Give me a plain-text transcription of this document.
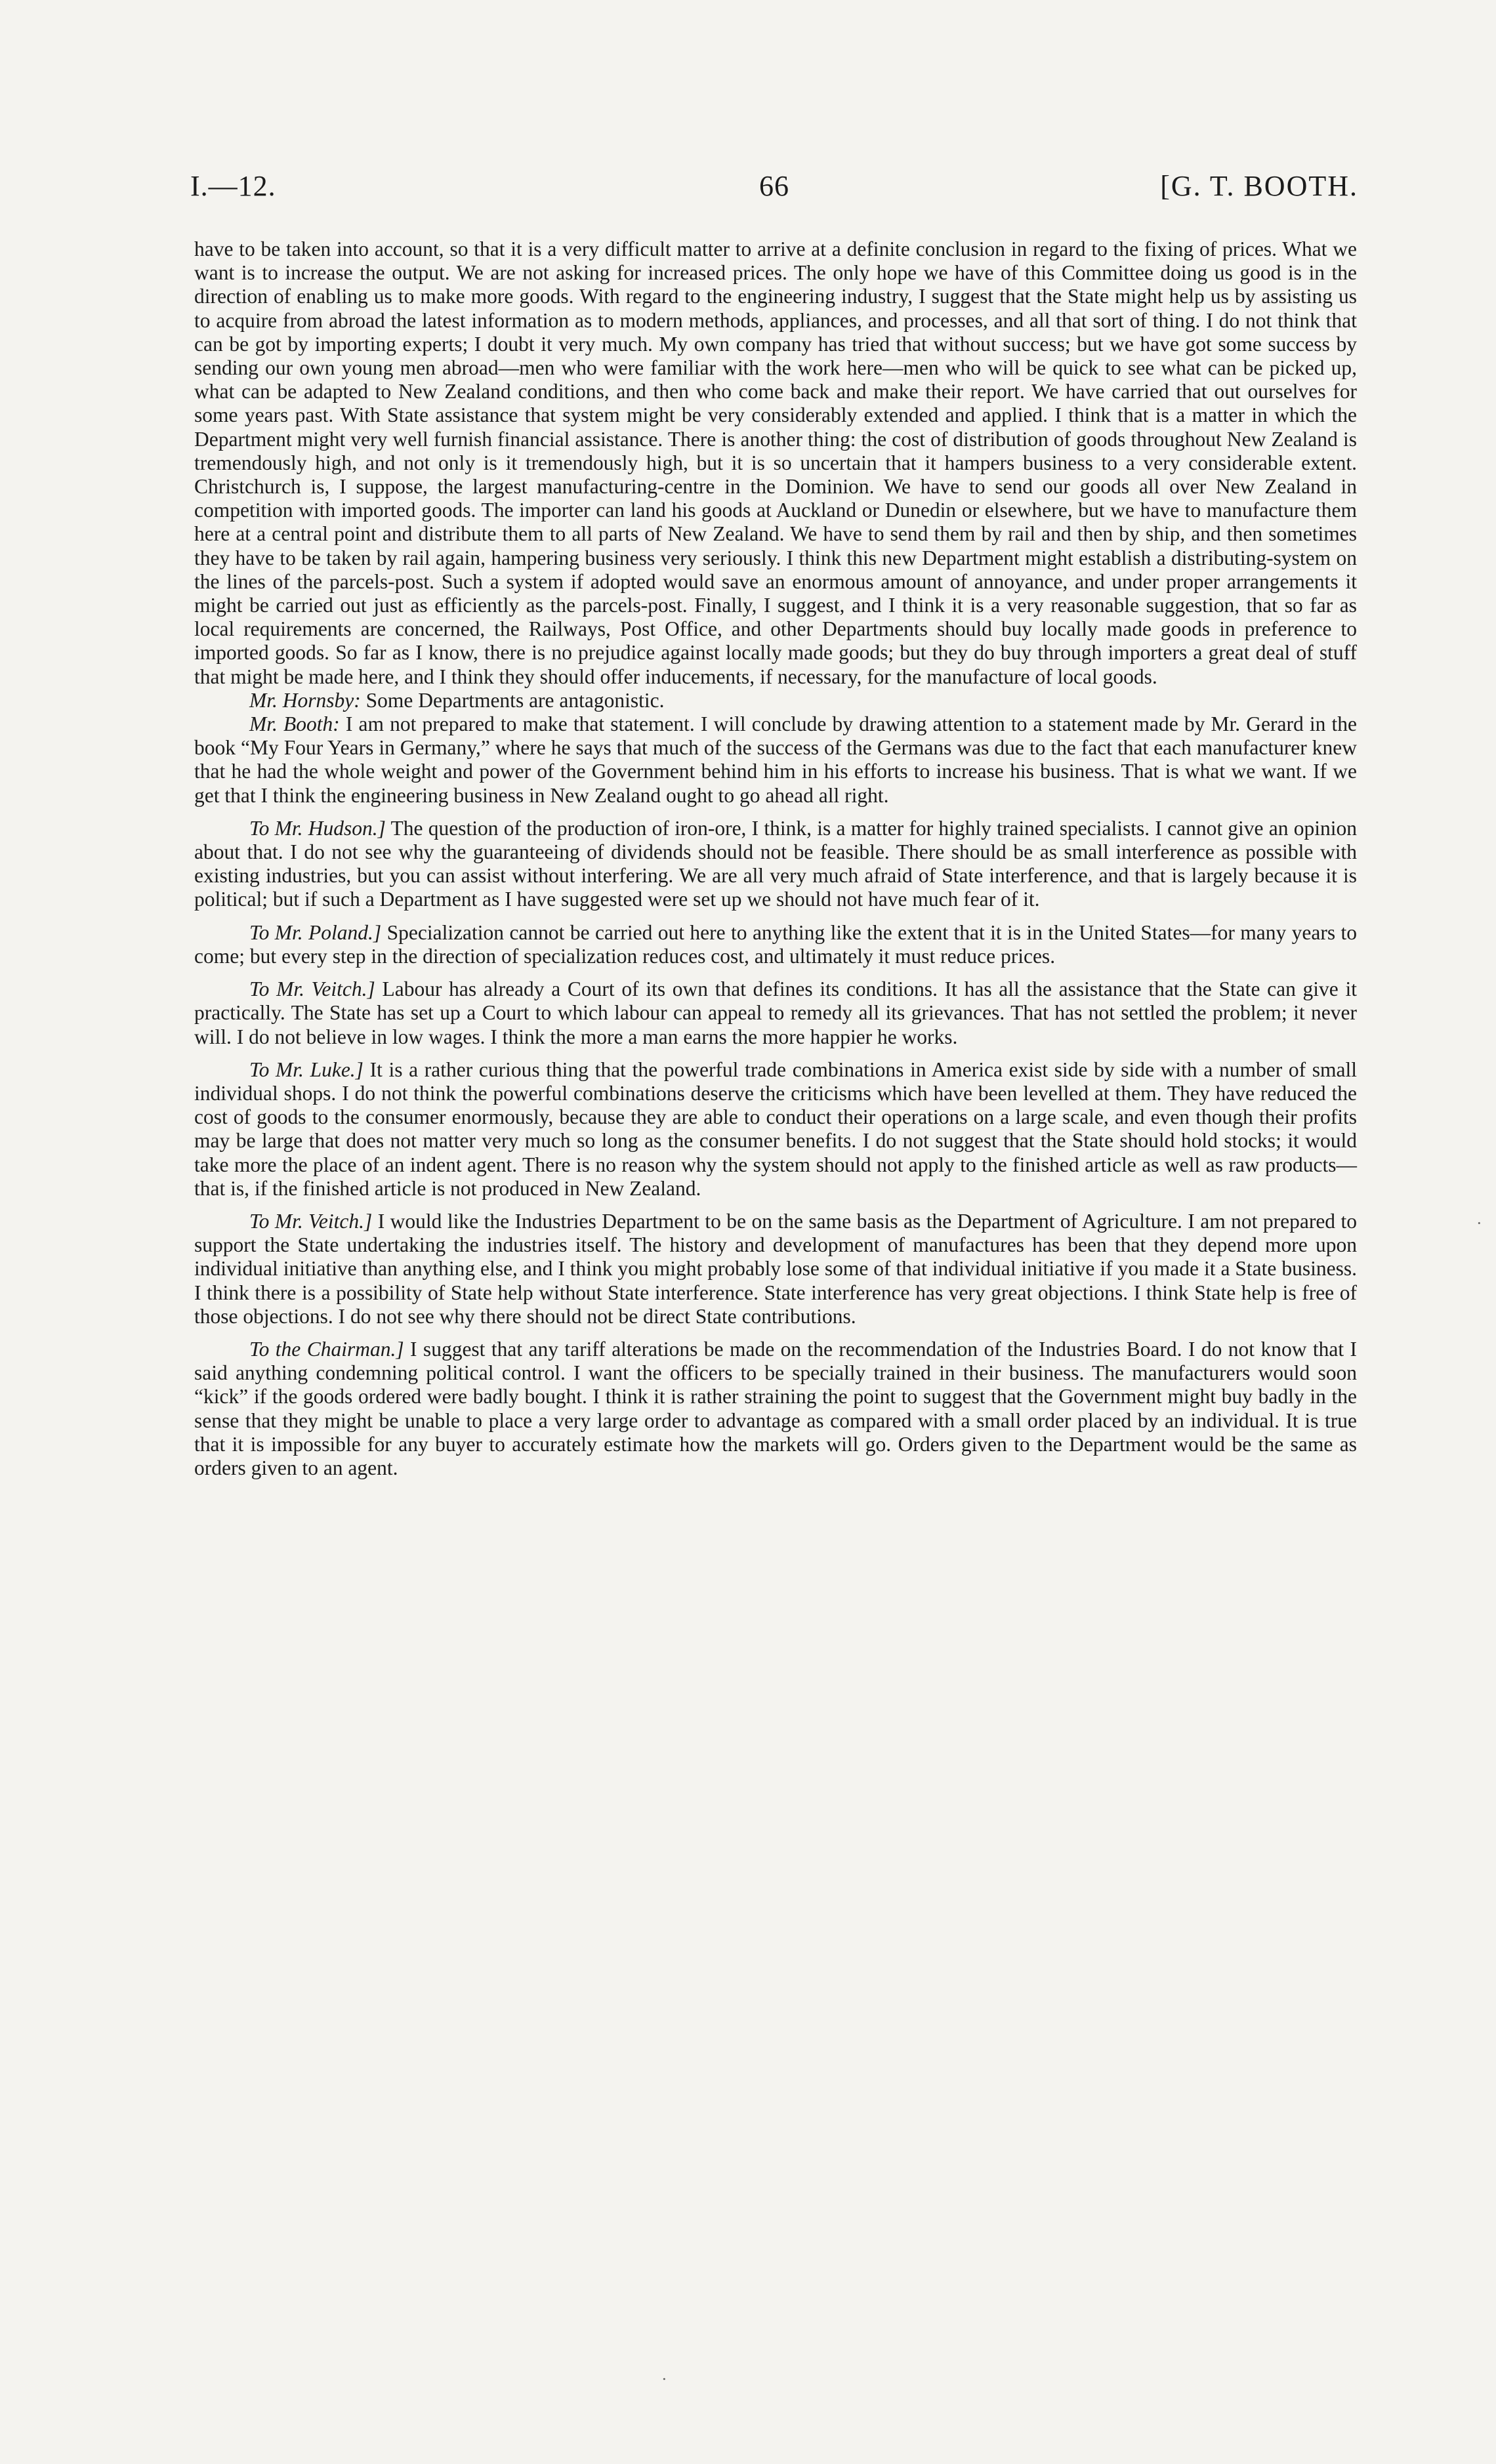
I.—12.	66	[G. T. BOOTH.

have to be taken into account, so that it is a very difficult matter to arrive at a definite conclusion in regard to the fixing of prices. What we want is to increase the output. We are not asking for increased prices. The only hope we have of this Committee doing us good is in the direction of enabling us to make more goods. With regard to the engineering industry, I suggest that the State might help us by assisting us to acquire from abroad the latest information as to modern methods, appliances, and processes, and all that sort of thing. I do not think that can be got by importing experts; I doubt it very much. My own company has tried that without success; but we have got some success by sending our own young men abroad—men who were familiar with the work here—men who will be quick to see what can be picked up, what can be adapted to New Zealand conditions, and then who come back and make their report. We have carried that out ourselves for some years past. With State assistance that system might be very considerably extended and applied. I think that is a matter in which the Department might very well furnish financial assistance. There is another thing: the cost of distribution of goods throughout New Zealand is tremendously high, and not only is it tremendously high, but it is so uncertain that it hampers business to a very considerable extent. Christchurch is, I suppose, the largest manufacturing-centre in the Dominion. We have to send our goods all over New Zealand in competition with imported goods. The importer can land his goods at Auckland or Dunedin or elsewhere, but we have to manufacture them here at a central point and distribute them to all parts of New Zealand. We have to send them by rail and then by ship, and then sometimes they have to be taken by rail again, hampering business very seriously. I think this new Department might establish a distributing-system on the lines of the parcels-post. Such a system if adopted would save an enormous amount of annoyance, and under proper arrangements it might be carried out just as efficiently as the parcels-post. Finally, I suggest, and I think it is a very reasonable suggestion, that so far as local requirements are concerned, the Railways, Post Office, and other Departments should buy locally made goods in preference to imported goods. So far as I know, there is no prejudice against locally made goods; but they do buy through importers a great deal of stuff that might be made here, and I think they should offer inducements, if necessary, for the manufacture of local goods.

Mr. Hornsby: Some Departments are antagonistic.

Mr. Booth: I am not prepared to make that statement. I will conclude by drawing attention to a statement made by Mr. Gerard in the book “My Four Years in Germany,” where he says that much of the success of the Germans was due to the fact that each manufacturer knew that he had the whole weight and power of the Government behind him in his efforts to increase his business. That is what we want. If we get that I think the engineering business in New Zealand ought to go ahead all right.

To Mr. Hudson.] The question of the production of iron-ore, I think, is a matter for highly trained specialists. I cannot give an opinion about that. I do not see why the guaranteeing of dividends should not be feasible. There should be as small interference as possible with existing industries, but you can assist without interfering. We are all very much afraid of State interference, and that is largely because it is political; but if such a Department as I have suggested were set up we should not have much fear of it.

To Mr. Poland.] Specialization cannot be carried out here to anything like the extent that it is in the United States—for many years to come; but every step in the direction of specialization reduces cost, and ultimately it must reduce prices.

To Mr. Veitch.] Labour has already a Court of its own that defines its conditions. It has all the assistance that the State can give it practically. The State has set up a Court to which labour can appeal to remedy all its grievances. That has not settled the problem; it never will. I do not believe in low wages. I think the more a man earns the more happier he works.

To Mr. Luke.] It is a rather curious thing that the powerful trade combinations in America exist side by side with a number of small individual shops. I do not think the powerful combinations deserve the criticisms which have been levelled at them. They have reduced the cost of goods to the consumer enormously, because they are able to conduct their operations on a large scale, and even though their profits may be large that does not matter very much so long as the consumer benefits. I do not suggest that the State should hold stocks; it would take more the place of an indent agent. There is no reason why the system should not apply to the finished article as well as raw products—that is, if the finished article is not produced in New Zealand.

To Mr. Veitch.] I would like the Industries Department to be on the same basis as the Department of Agriculture. I am not prepared to support the State undertaking the industries itself. The history and development of manufactures has been that they depend more upon individual initiative than anything else, and I think you might probably lose some of that individual initiative if you made it a State business. I think there is a possibility of State help without State interference. State interference has very great objections. I think State help is free of those objections. I do not see why there should not be direct State contributions.

To the Chairman.] I suggest that any tariff alterations be made on the recommendation of the Industries Board. I do not know that I said anything condemning political control. I want the officers to be specially trained in their business. The manufacturers would soon “kick” if the goods ordered were badly bought. I think it is rather straining the point to suggest that the Government might buy badly in the sense that they might be unable to place a very large order to advantage as compared with a small order placed by an individual. It is true that it is impossible for any buyer to accurately estimate how the markets will go. Orders given to the Department would be the same as orders given to an agent.

·
·
